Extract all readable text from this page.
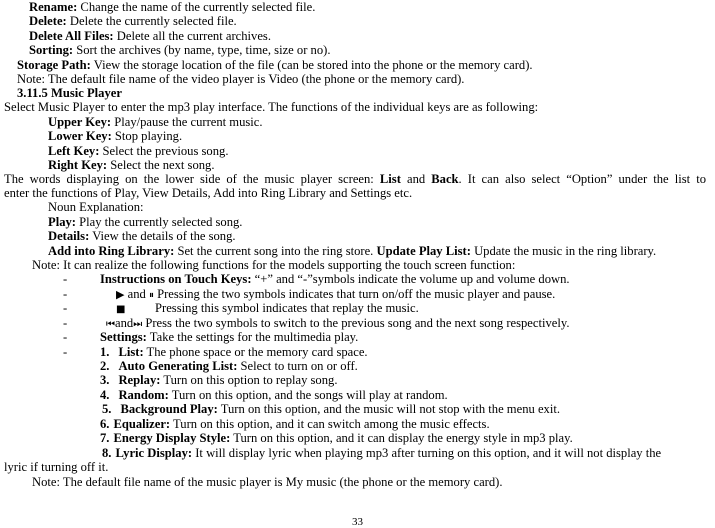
Rename: Change the name of the currently selected file.
Delete: Delete the currently selected file.
Delete All Files: Delete all the current archives.
Sorting: Sort the archives (by name, type, time, size or no).
Storage Path: View the storage location of the file (can be stored into the phone or the memory card).
Note: The default file name of the video player is Video (the phone or the memory card).
3.11.5 Music Player
Select Music Player to enter the mp3 play interface. The functions of the individual keys are as following:
Upper Key: Play/pause the current music.
Lower Key: Stop playing.
Left Key: Select the previous song.
Right Key: Select the next song.
The words displaying on the lower side of the music player screen: List and Back. It can also select “Option” under the list to
enter the functions of Play, View Details, Add into Ring Library and Settings etc.
Noun Explanation:
Play: Play the currently selected song.
Details: View the details of the song.
Add into Ring Library: Set the current song into the ring store. Update Play List: Update the music in the ring library.
Note: It can realize the following functions for the models supporting the touch screen function:
-	Instructions on Touch Keys: “+” and “-”symbols indicate the volume up and volume down.
-	▶ and ⏸ Pressing the two symbols indicates that turn on/off the music player and pause.
-	■ Pressing this symbol indicates that replay the music.
-	⏮and⏭ Press the two symbols to switch to the previous song and the next song respectively.
-	Settings: Take the settings for the multimedia play.
-	1. List: The phone space or the memory card space.
2. Auto Generating List: Select to turn on or off.
3. Replay: Turn on this option to replay song.
4. Random: Turn on this option, and the songs will play at random.
5. Background Play: Turn on this option, and the music will not stop with the menu exit.
6. Equalizer: Turn on this option, and it can switch among the music effects.
7. Energy Display Style: Turn on this option, and it can display the energy style in mp3 play.
8. Lyric Display: It will display lyric when playing mp3 after turning on this option, and it will not display the
lyric if turning off it.
Note: The default file name of the music player is My music (the phone or the memory card).
33
